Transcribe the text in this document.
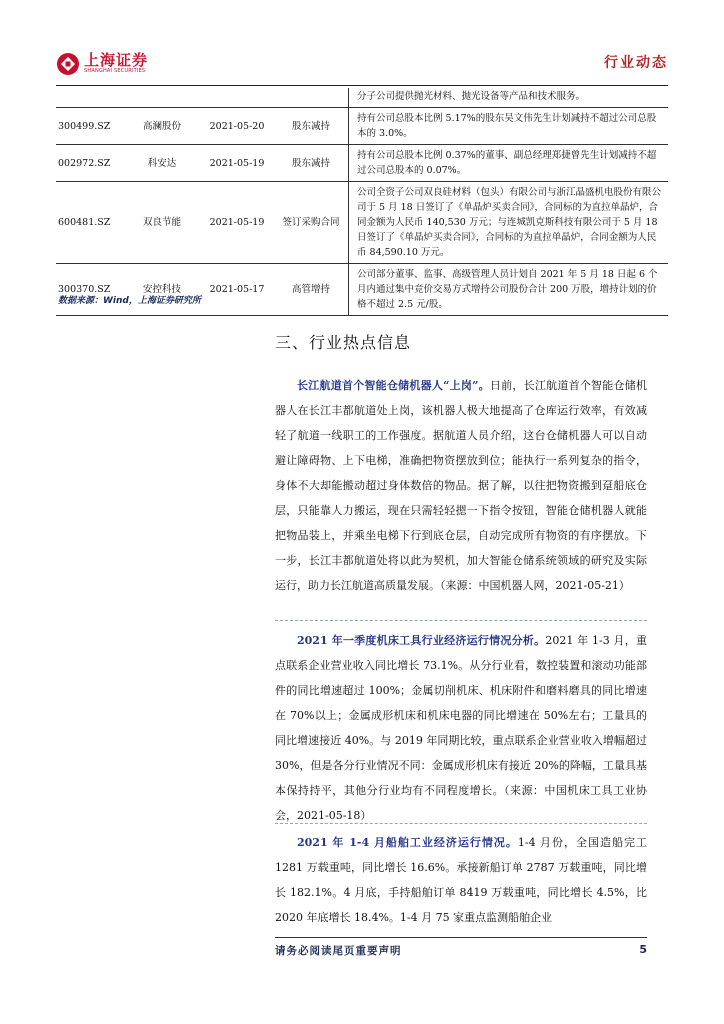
上海证券
SHANGHAI SECURITIES	行业动态
				分子公司提供抛光材料、抛光设备等产品和技术服务。
300499.SZ	高澜股份	2021-05-20	股东减持	持有公司总股本比例 5.17%的股东吴文伟先生计划减持不超过公司总股本的 3.0%。
002972.SZ	科安达	2021-05-19	股东减持	持有公司总股本比例 0.37%的董事、副总经理郑捷曾先生计划减持不超过公司总股本的 0.07%。
600481.SZ	双良节能	2021-05-19	签订采购合同	公司全资子公司双良硅材料（包头）有限公司与浙江晶盛机电股份有限公司于 5 月 18 日签订了《单晶炉买卖合同》，合同标的为直拉单晶炉，合同金额为人民币 140,530 万元；与连城凯克斯科技有限公司于 5 月 18 日签订了《单晶炉买卖合同》，合同标的为直拉单晶炉，合同金额为人民币 84,590.10 万元。
300370.SZ	安控科技	2021-05-17	高管增持	公司部分董事、监事、高级管理人员计划自 2021 年 5 月 18 日起 6 个月内通过集中竞价交易方式增持公司股份合计 200 万股，增持计划的价格不超过 2.5 元/股。
数据来源：Wind，上海证券研究所
三、行业热点信息
长江航道首个智能仓储机器人“上岗”。日前，长江航道首个智能仓储机器人在长江丰都航道处上岗，该机器人极大地提高了仓库运行效率，有效减轻了航道一线职工的工作强度。据航道人员介绍，这台仓储机器人可以自动避让障碍物、上下电梯，准确把物资摆放到位；能执行一系列复杂的指令，身体不大却能搬动超过身体数倍的物品。据了解，以往把物资搬到趸船底仓层，只能靠人力搬运，现在只需轻轻摁一下指令按钮，智能仓储机器人就能把物品装上，并乘坐电梯下行到底仓层，自动完成所有物资的有序摆放。下一步，长江丰都航道处将以此为契机，加大智能仓储系统领域的研究及实际运行，助力长江航道高质量发展。（来源：中国机器人网，2021-05-21）
2021 年一季度机床工具行业经济运行情况分析。2021 年 1-3 月，重点联系企业营业收入同比增长 73.1%。从分行业看，数控装置和滚动功能部件的同比增速超过 100%；金属切削机床、机床附件和磨料磨具的同比增速在 70%以上；金属成形机床和机床电器的同比增速在 50%左右；工量具的同比增速接近 40%。与 2019 年同期比较，重点联系企业营业收入增幅超过 30%，但是各分行业情况不同：金属成形机床有接近 20%的降幅，工量具基本保持持平，其他分行业均有不同程度增长。（来源：中国机床工具工业协会，2021-05-18）
2021 年 1-4 月船舶工业经济运行情况。1-4 月份，全国造船完工 1281 万载重吨，同比增长 16.6%。承接新船订单 2787 万载重吨，同比增长 182.1%。4 月底，手持船舶订单 8419 万载重吨，同比增长 4.5%，比 2020 年底增长 18.4%。1-4 月 75 家重点监测船舶企业
请务必阅读尾页重要声明	5
